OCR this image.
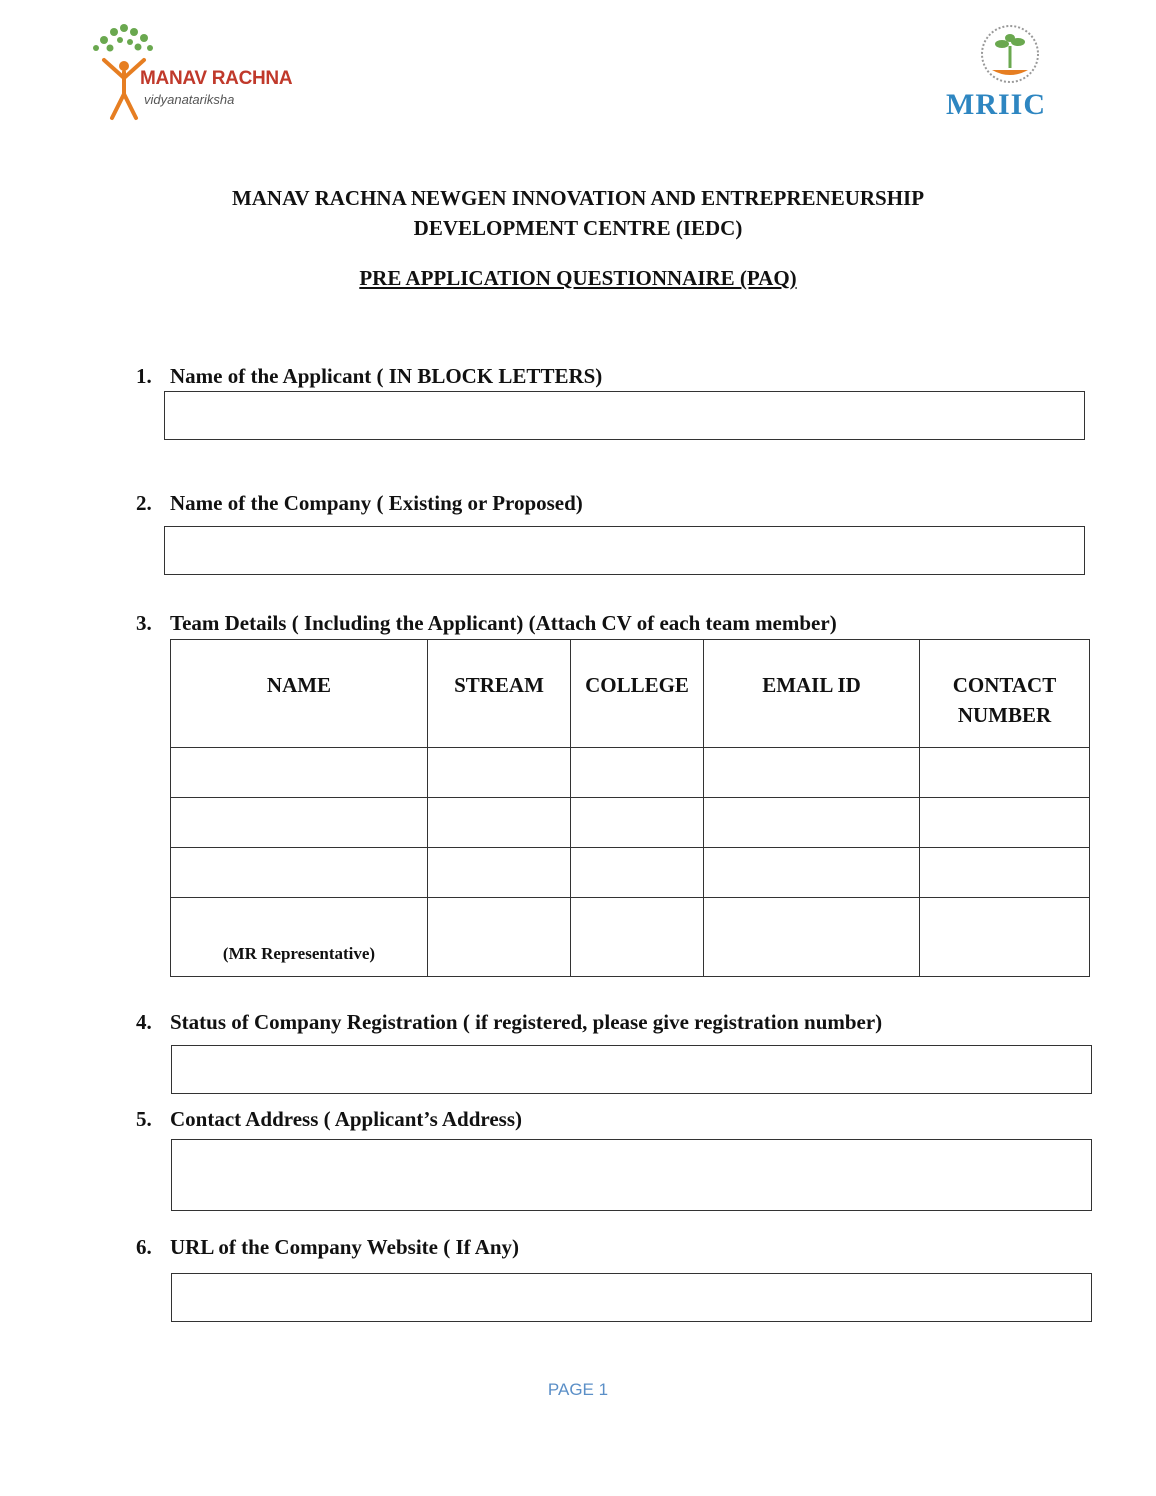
MANAV RACHNA
vidyanatariksha	MRIIC
MANAV RACHNA NEWGEN INNOVATION AND ENTREPRENEURSHIP
DEVELOPMENT CENTRE (IEDC)
PRE APPLICATION QUESTIONNAIRE (PAQ)
1. Name of the Applicant ( IN BLOCK LETTERS)
2. Name of the Company ( Existing or Proposed)
3. Team Details ( Including the Applicant) (Attach CV of each team member)
NAME	STREAM	COLLEGE	EMAIL ID	CONTACT NUMBER

(MR Representative)				

4. Status of Company Registration ( if registered, please give registration number)
5. Contact Address ( Applicant’s Address)
6. URL of the Company Website ( If Any)
PAGE 1
